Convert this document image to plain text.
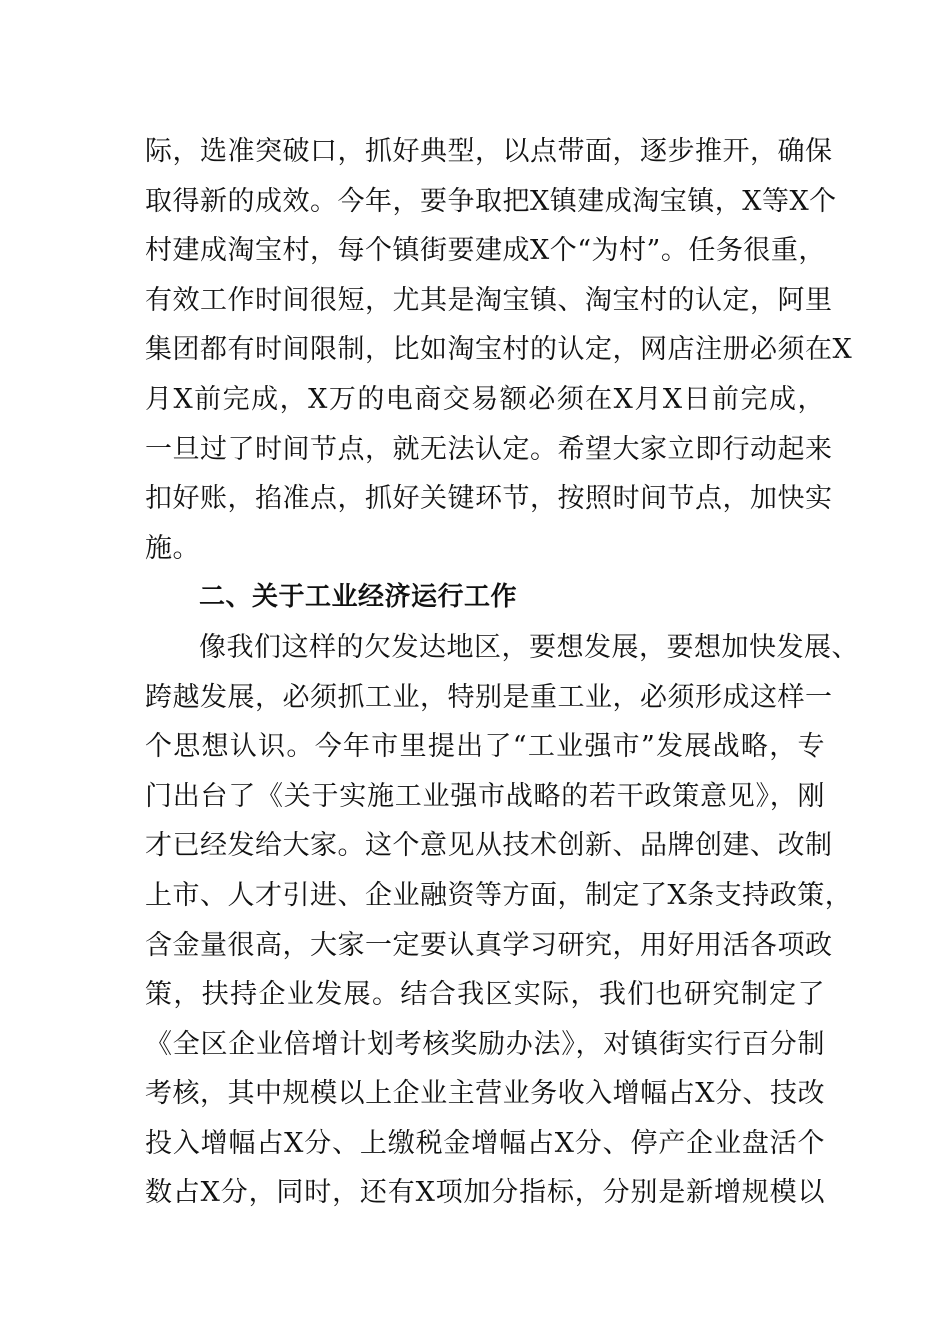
际，选准突破口，抓好典型，以点带面，逐步推开，确保
取得新的成效。今年，要争取把X镇建成淘宝镇，X等X个
村建成淘宝村，每个镇街要建成X个“为村”。任务很重，
有效工作时间很短，尤其是淘宝镇、淘宝村的认定，阿里
集团都有时间限制，比如淘宝村的认定，网店注册必须在X
月X前完成，X万的电商交易额必须在X月X日前完成，
一旦过了时间节点，就无法认定。希望大家立即行动起来
扣好账，掐准点，抓好关键环节，按照时间节点，加快实
施。
二、关于工业经济运行工作
像我们这样的欠发达地区，要想发展，要想加快发展、
跨越发展，必须抓工业，特别是重工业，必须形成这样一
个思想认识。今年市里提出了“工业强市”发展战略，专
门出台了《关于实施工业强市战略的若干政策意见》，刚
才已经发给大家。这个意见从技术创新、品牌创建、改制
上市、人才引进、企业融资等方面，制定了X条支持政策，
含金量很高，大家一定要认真学习研究，用好用活各项政
策，扶持企业发展。结合我区实际，我们也研究制定了
《全区企业倍增计划考核奖励办法》，对镇街实行百分制
考核，其中规模以上企业主营业务收入增幅占X分、技改
投入增幅占X分、上缴税金增幅占X分、停产企业盘活个
数占X分，同时，还有X项加分指标，分别是新增规模以
